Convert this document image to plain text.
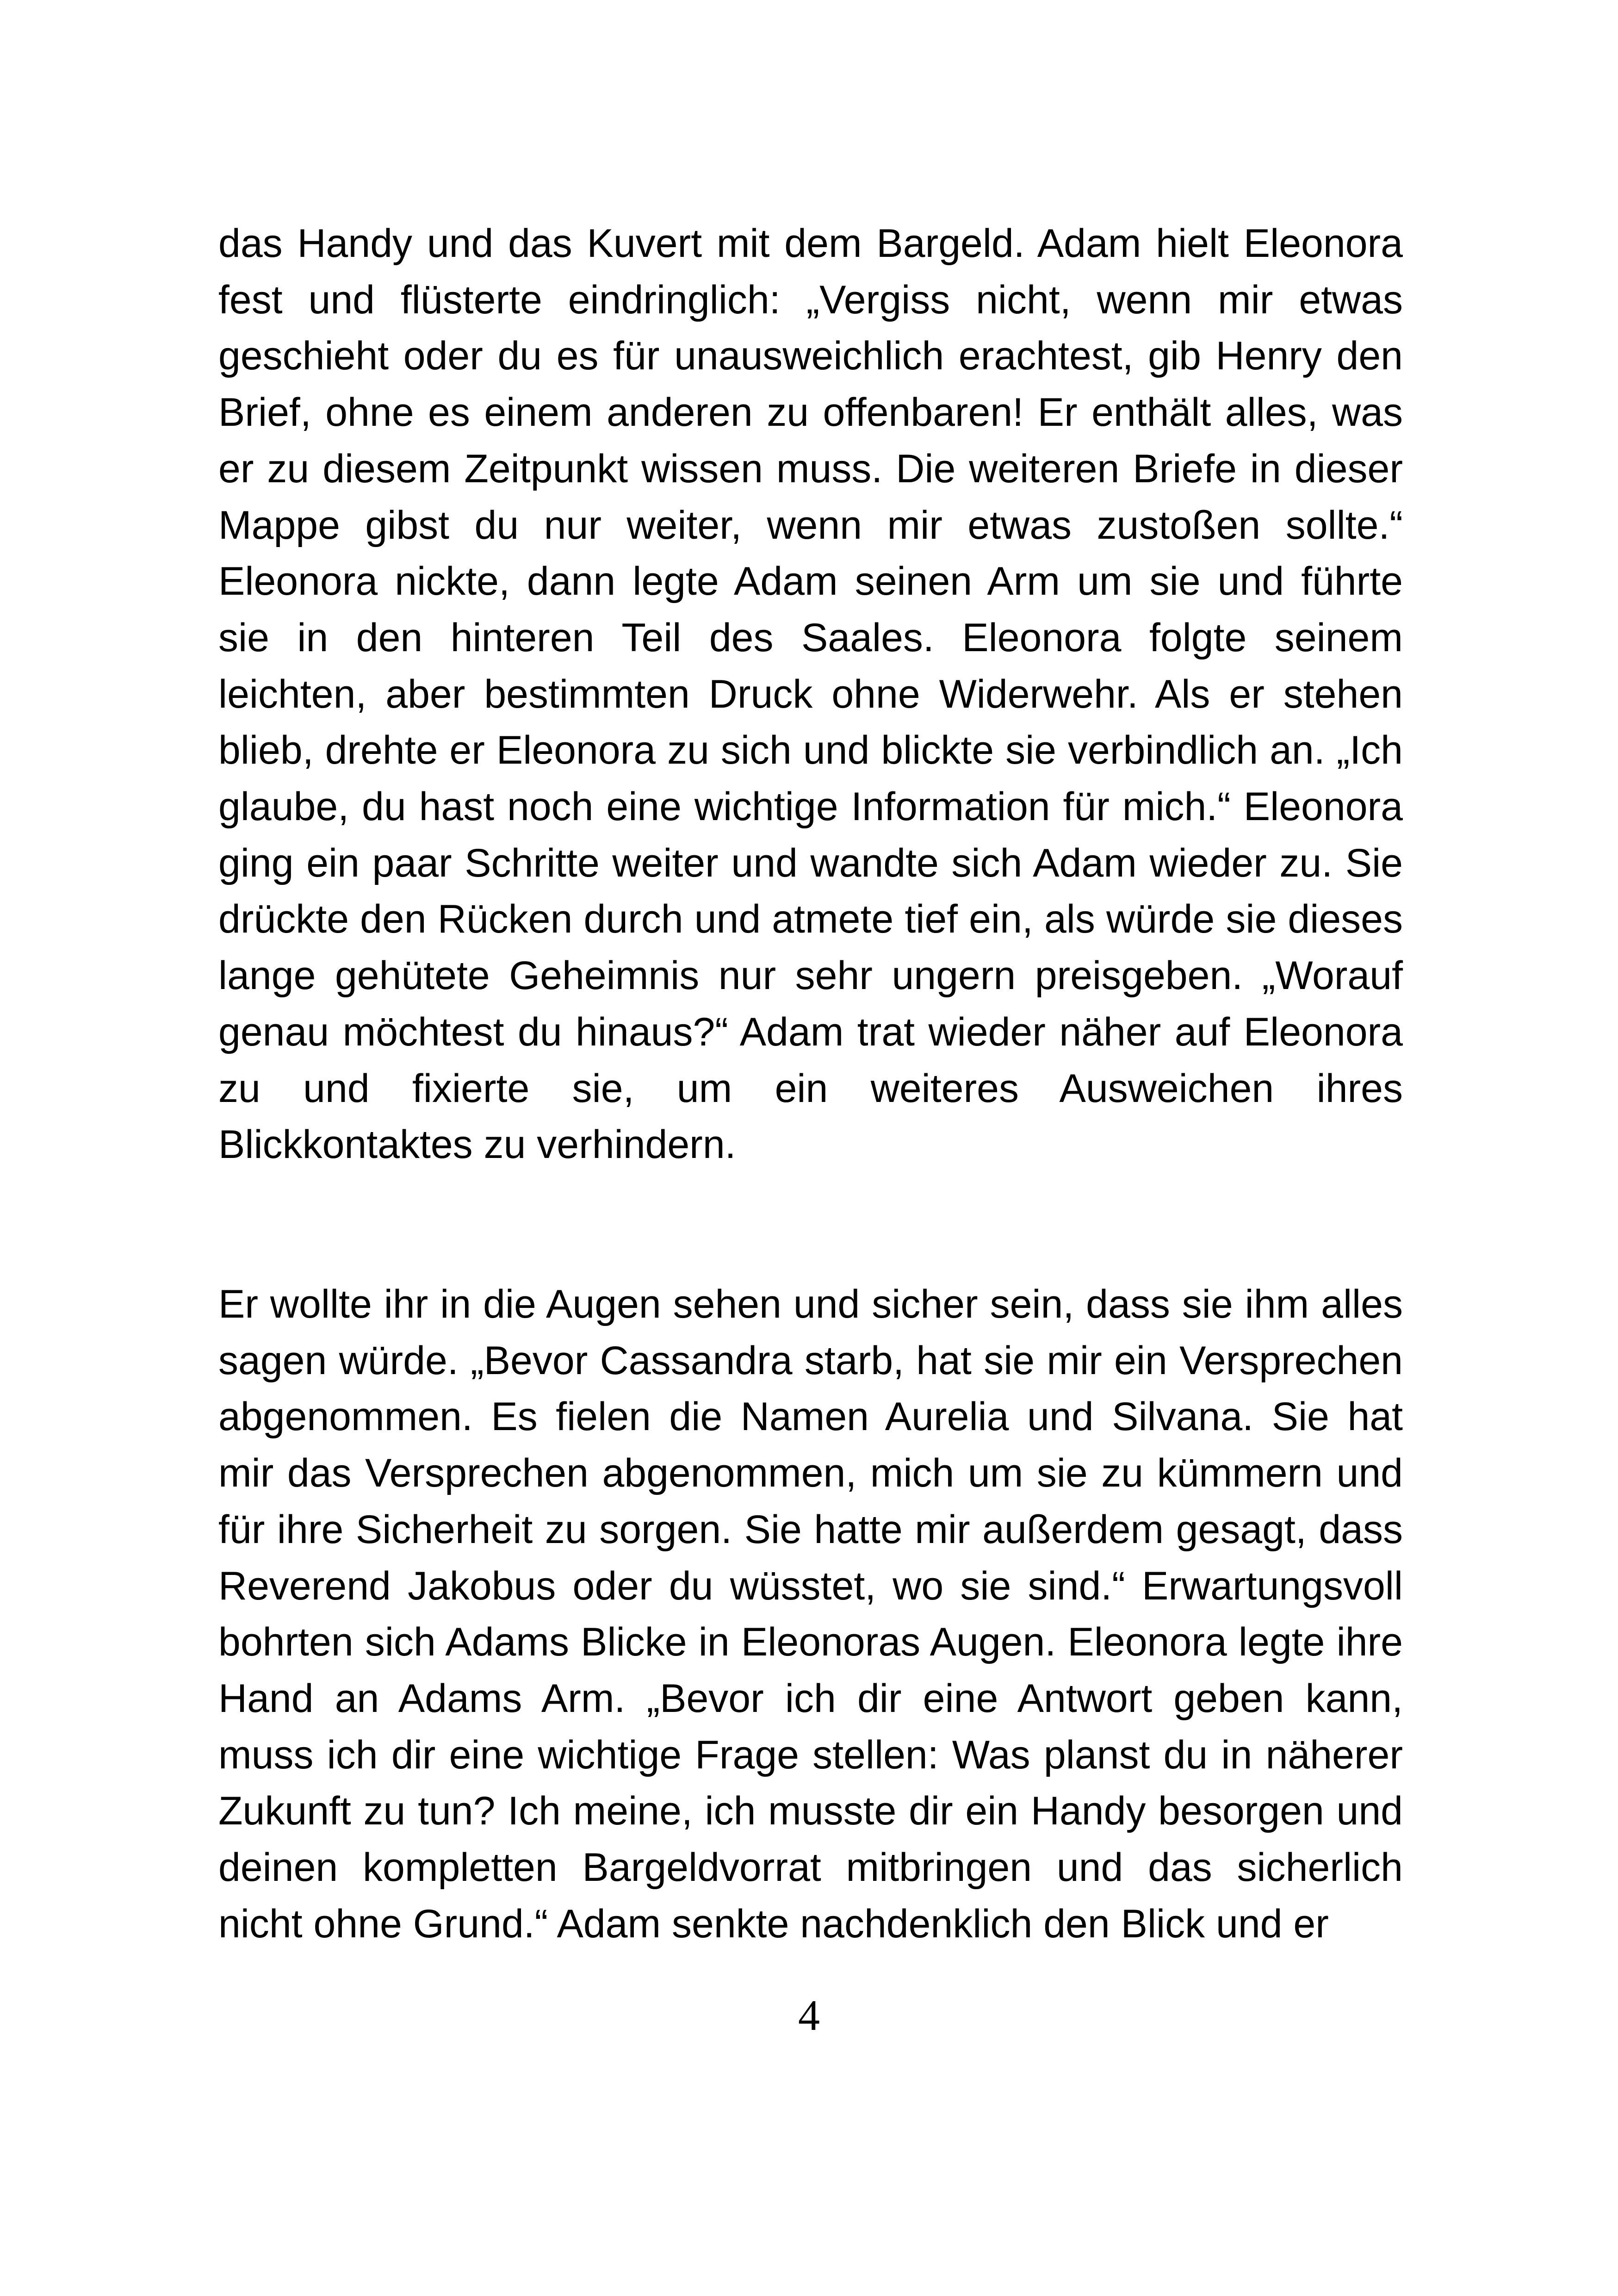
das Handy und das Kuvert mit dem Bargeld. Adam hielt Eleonora fest und flüsterte eindringlich: „Vergiss nicht, wenn mir etwas geschieht oder du es für unausweichlich erachtest, gib Henry den Brief, ohne es einem anderen zu offenbaren! Er enthält alles, was er zu diesem Zeitpunkt wissen muss. Die weiteren Briefe in dieser Mappe gibst du nur weiter, wenn mir etwas zustoßen sollte.“ Eleonora nickte, dann legte Adam seinen Arm um sie und führte sie in den hinteren Teil des Saales. Eleonora folgte seinem leichten, aber bestimmten Druck ohne Widerwehr. Als er stehen blieb, drehte er Eleonora zu sich und blickte sie verbindlich an. „Ich glaube, du hast noch eine wichtige Information für mich.“ Eleonora ging ein paar Schritte weiter und wandte sich Adam wieder zu. Sie drückte den Rücken durch und atmete tief ein, als würde sie dieses lange gehütete Geheimnis nur sehr ungern preisgeben. „Worauf genau möchtest du hinaus?“ Adam trat wieder näher auf Eleonora zu und fixierte sie, um ein weiteres Ausweichen ihres Blickkontaktes zu verhindern.

Er wollte ihr in die Augen sehen und sicher sein, dass sie ihm alles sagen würde. „Bevor Cassandra starb, hat sie mir ein Versprechen abgenommen. Es fielen die Namen Aurelia und Silvana. Sie hat mir das Versprechen abgenommen, mich um sie zu kümmern und für ihre Sicherheit zu sorgen. Sie hatte mir außerdem gesagt, dass Reverend Jakobus oder du wüsstet, wo sie sind.“ Erwartungsvoll bohrten sich Adams Blicke in Eleonoras Augen. Eleonora legte ihre Hand an Adams Arm. „Bevor ich dir eine Antwort geben kann, muss ich dir eine wichtige Frage stellen: Was planst du in näherer Zukunft zu tun? Ich meine, ich musste dir ein Handy besorgen und deinen kompletten Bargeldvorrat mitbringen und das sicherlich nicht ohne Grund.“ Adam senkte nachdenklich den Blick und er

4
